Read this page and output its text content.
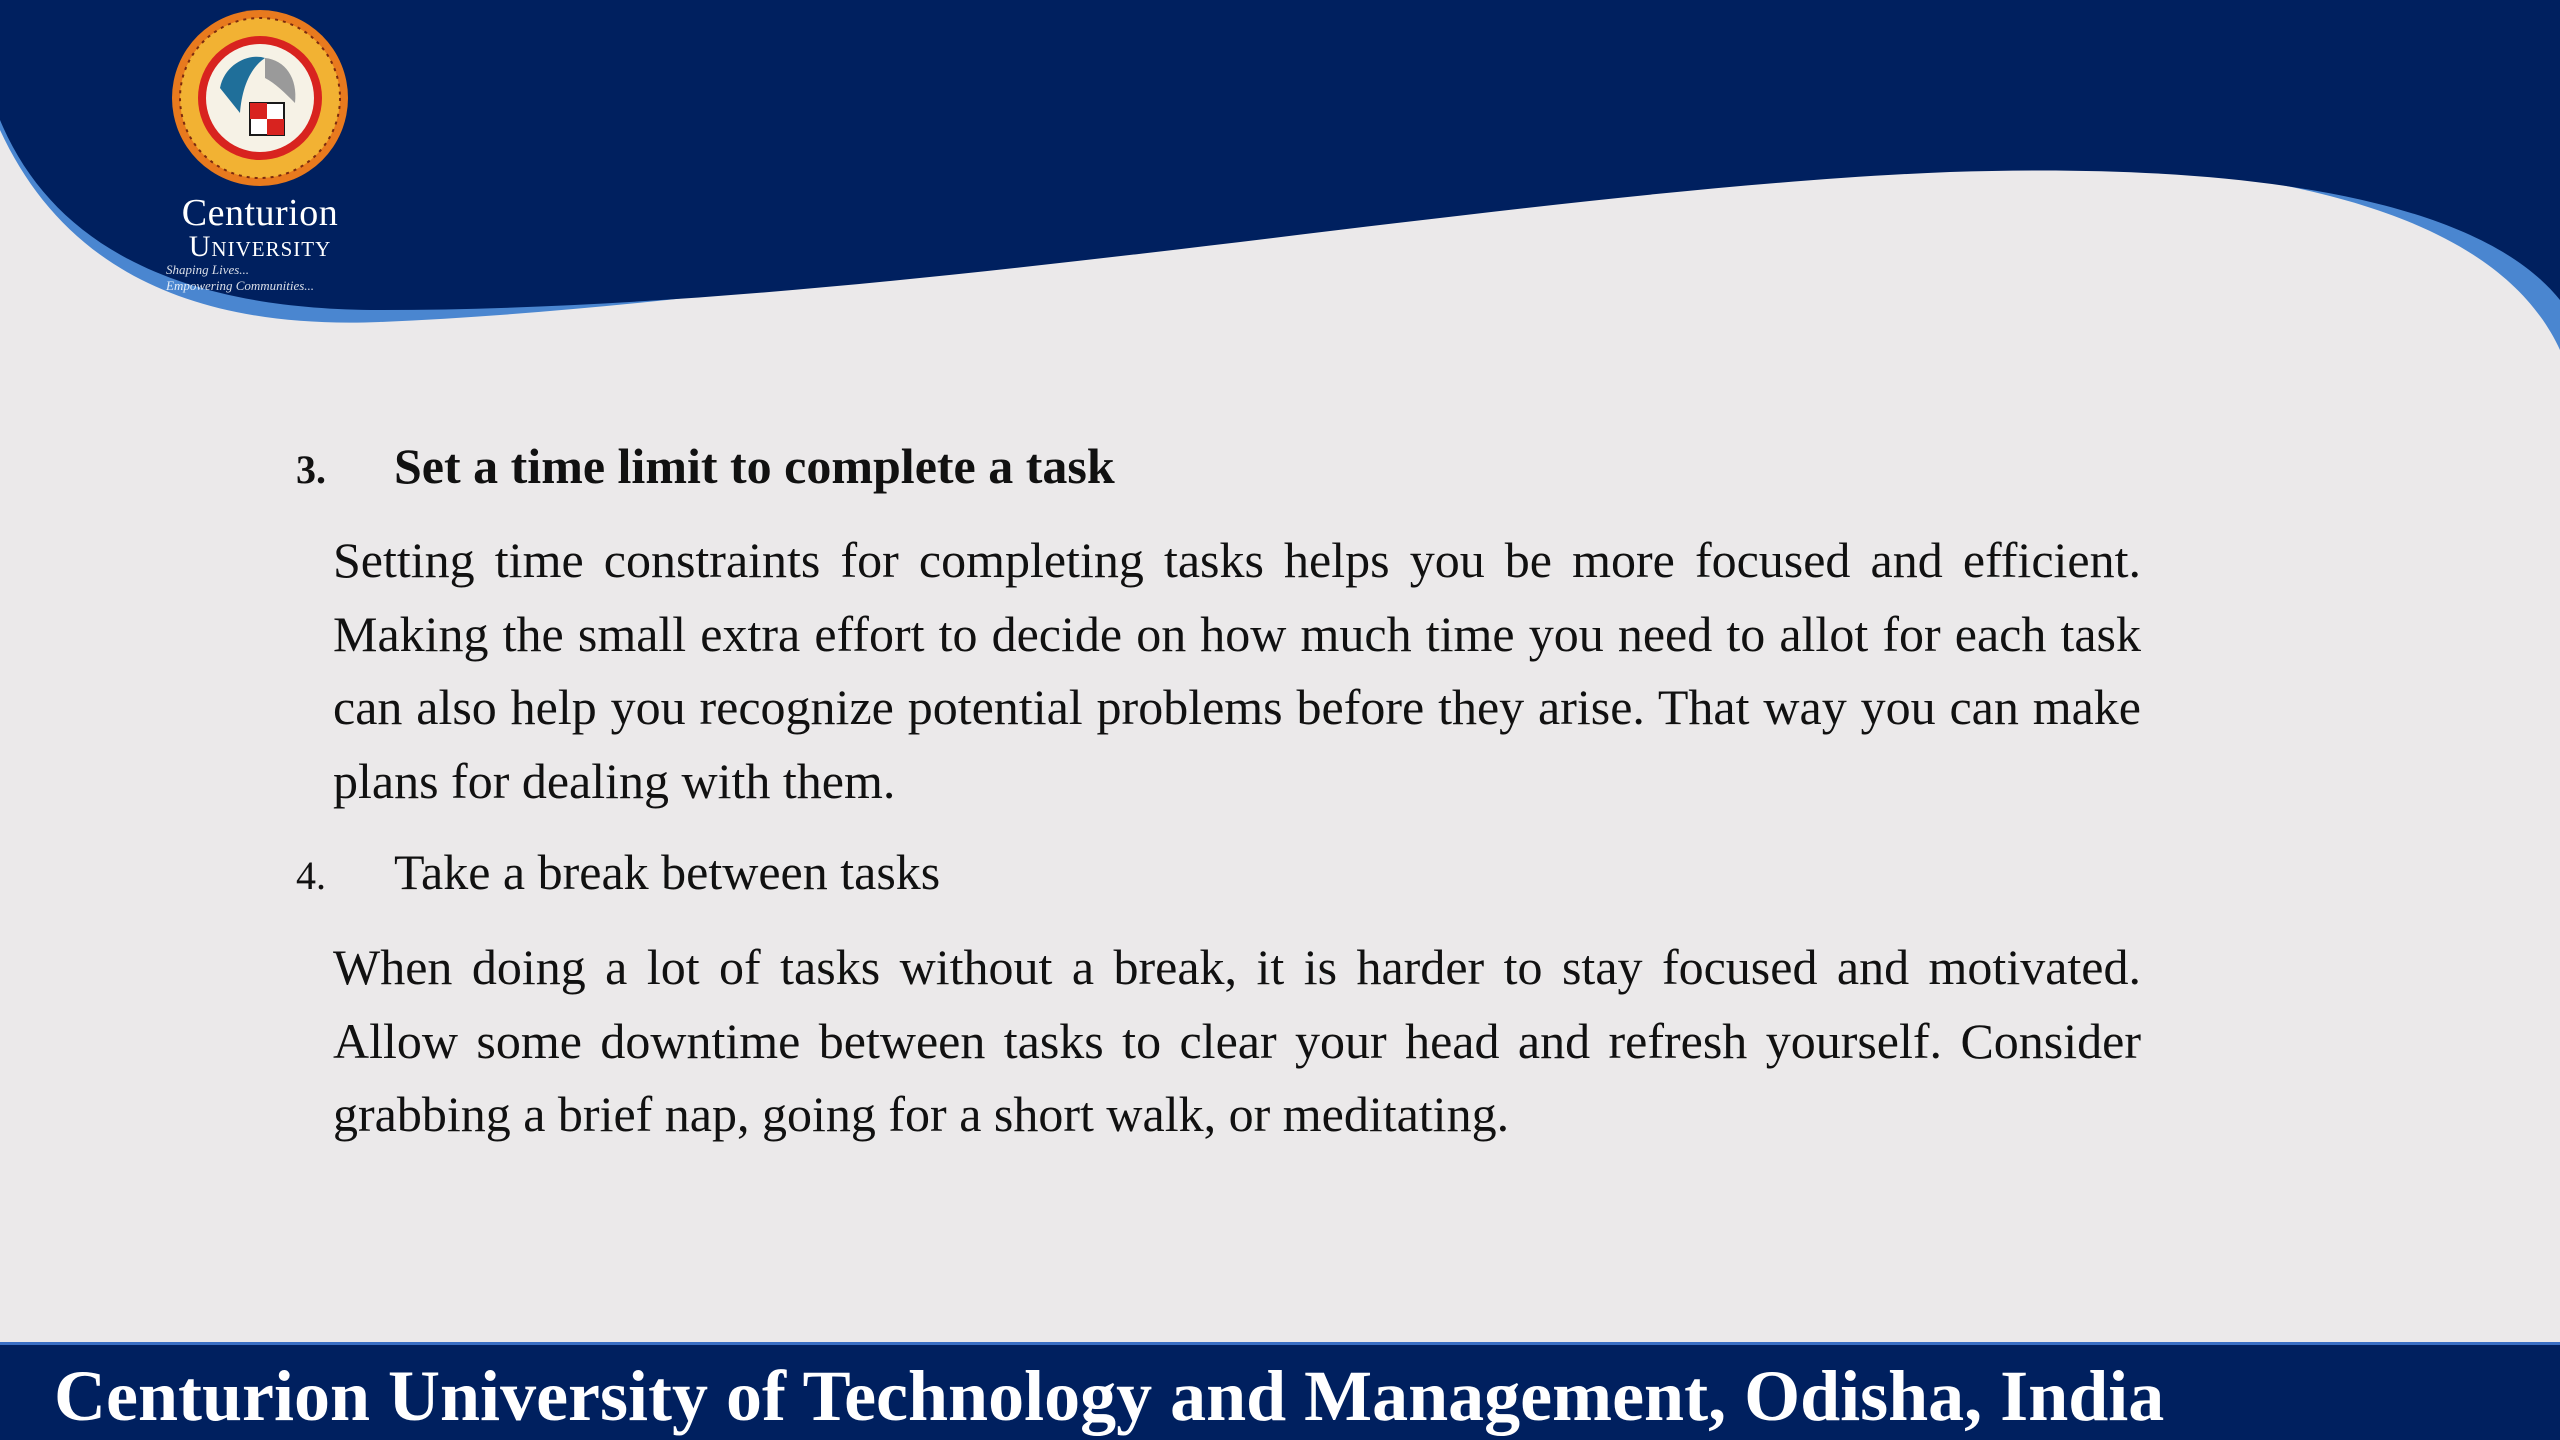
Centurion
University
Shaping Lives...
Empowering Communities...
3. Set a time limit to complete a task
Setting time constraints for completing tasks helps you be more focused and efficient. Making the small extra effort to decide on how much time you need to allot for each task can also help you recognize potential problems before they arise. That way you can make plans for dealing with them.
4. Take a break between tasks
When doing a lot of tasks without a break, it is harder to stay focused and motivated. Allow some downtime between tasks to clear your head and refresh yourself. Consider grabbing a brief nap, going for a short walk, or meditating.
Centurion University of Technology and Management, Odisha, India
